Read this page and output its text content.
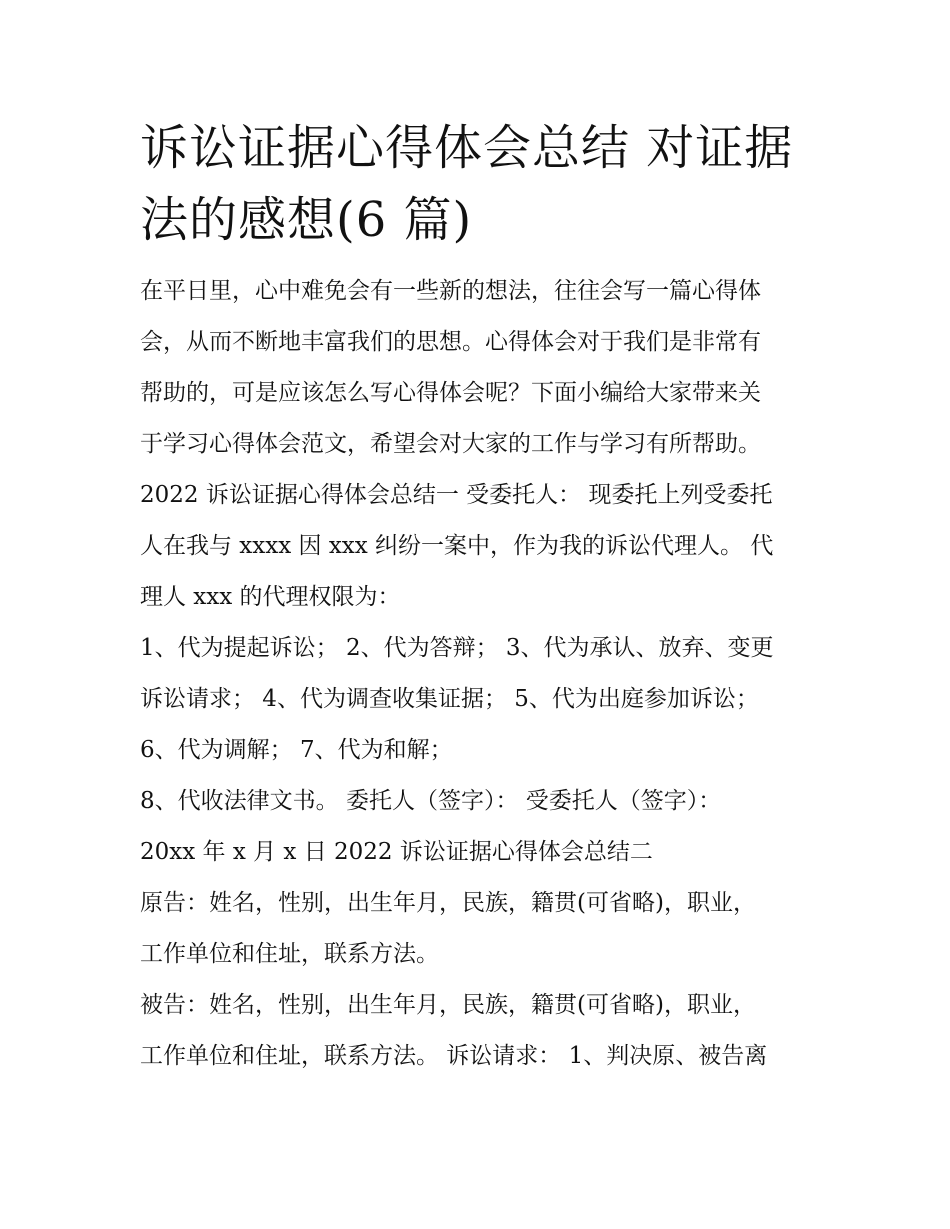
诉讼证据心得体会总结 对证据
法的感想(6 篇)
在平日里，心中难免会有一些新的想法，往往会写一篇心得体
会，从而不断地丰富我们的思想。心得体会对于我们是非常有
帮助的，可是应该怎么写心得体会呢？下面小编给大家带来关
于学习心得体会范文，希望会对大家的工作与学习有所帮助。
2022 诉讼证据心得体会总结一 受委托人： 现委托上列受委托
人在我与 xxxx 因 xxx 纠纷一案中，作为我的诉讼代理人。 代
理人 xxx 的代理权限为：
1、代为提起诉讼； 2、代为答辩； 3、代为承认、放弃、变更
诉讼请求； 4、代为调查收集证据； 5、代为出庭参加诉讼；
6、代为调解； 7、代为和解；
8、代收法律文书。 委托人（签字）： 受委托人（签字）：
20xx 年 x 月 x 日 2022 诉讼证据心得体会总结二
原告：姓名，性别，出生年月，民族，籍贯(可省略)，职业，
工作单位和住址，联系方法。
被告：姓名，性别，出生年月，民族，籍贯(可省略)，职业，
工作单位和住址，联系方法。 诉讼请求： 1、判决原、被告离
